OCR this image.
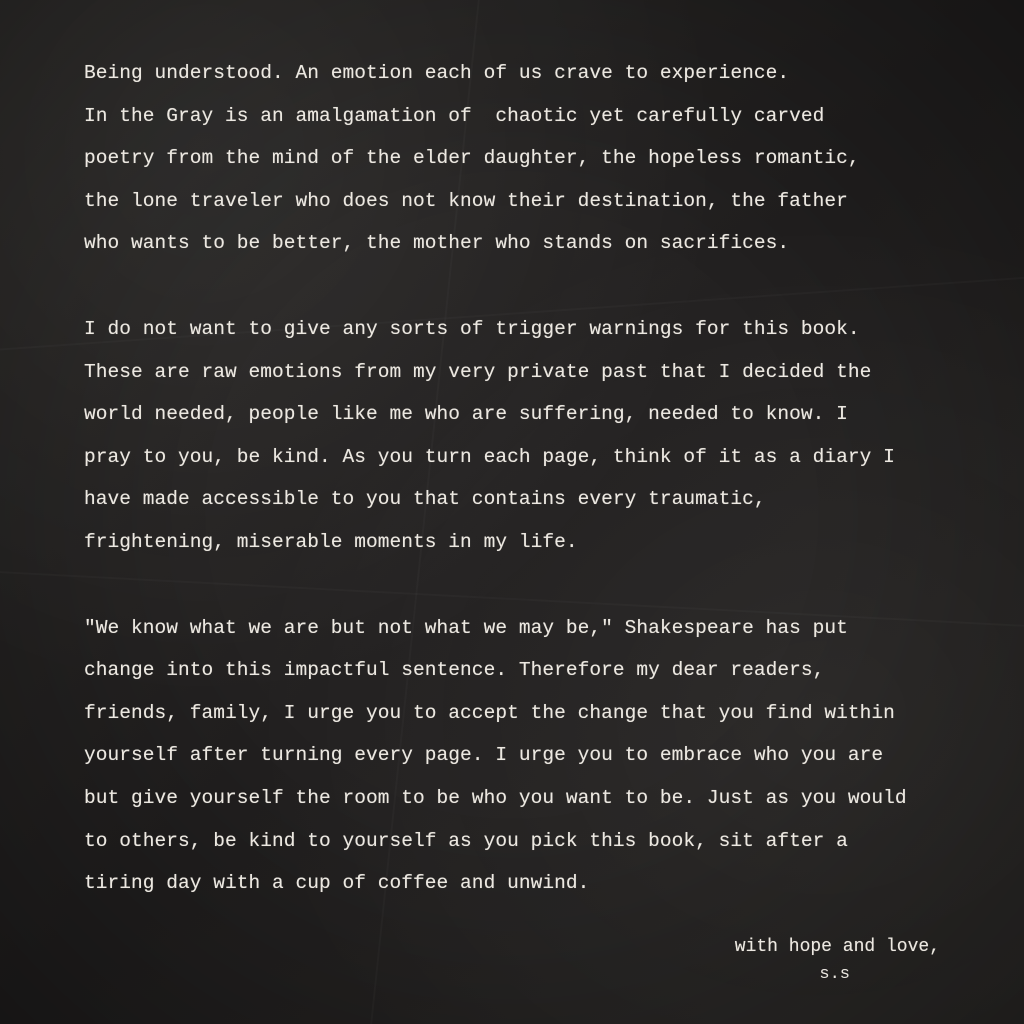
Being understood. An emotion each of us crave to experience.
In the Gray is an amalgamation of  chaotic yet carefully carved
poetry from the mind of the elder daughter, the hopeless romantic,
the lone traveler who does not know their destination, the father
who wants to be better, the mother who stands on sacrifices.
I do not want to give any sorts of trigger warnings for this book.
These are raw emotions from my very private past that I decided the
world needed, people like me who are suffering, needed to know. I
pray to you, be kind. As you turn each page, think of it as a diary I
have made accessible to you that contains every traumatic,
frightening, miserable moments in my life.
"We know what we are but not what we may be," Shakespeare has put
change into this impactful sentence. Therefore my dear readers,
friends, family, I urge you to accept the change that you find within
yourself after turning every page. I urge you to embrace who you are
but give yourself the room to be who you want to be. Just as you would
to others, be kind to yourself as you pick this book, sit after a
tiring day with a cup of coffee and unwind.
with hope and love,
s.s
